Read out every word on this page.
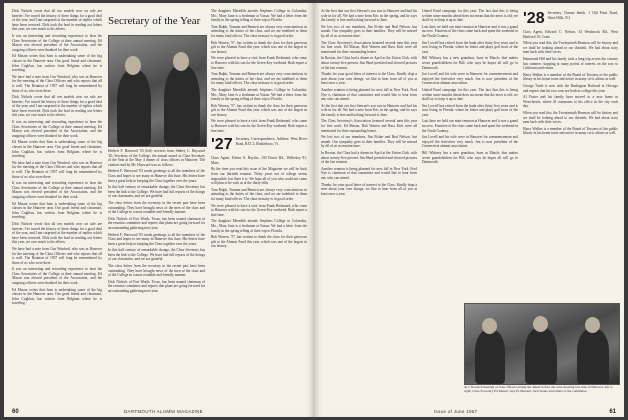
Dick Nichols wrote that all ten models now on sale are heavier; I've traced the history of these things for a good deal of the year, and I am surprised at the number of replies which have been received. Dick took the lead in sending out letters this year, we owe much to his efforts.

It was an interesting and rewarding experience to hear the Class Secretaries of the College at their annual meeting. Ed Mason was elected president of the Association, and the outgoing officers were thanked for their work.

Ed Mason writes that Sam is undertaking some of the big classes in the Hanover area. Our good friend and classmate, John Coghlan, has written from Belgium where he is traveling.

We have had a note from Gus Wanford, who was in Hanover for the meeting of the Class Officers and who reports that all is well. The Reunion of 1957 will long be remembered by those of us who were there.

Dick Nichols wrote that all ten models now on sale are heavier; I've traced the history of these things for a good deal of the year, and I am surprised at the number of replies which have been received. Dick took the lead in sending out letters this year, we owe much to his efforts.

It was an interesting and rewarding experience to hear the Class Secretaries of the College at their annual meeting. Ed Mason was elected president of the Association, and the outgoing officers were thanked for their work.

Ed Mason writes that Sam is undertaking some of the big classes in the Hanover area. Our good friend and classmate, John Coghlan, has written from Belgium where he is traveling.

We have had a note from Gus Wanford, who was in Hanover for the meeting of the Class Officers and who reports that all is well. The Reunion of 1957 will long be remembered by those of us who were there.

It was an interesting and rewarding experience to hear the Class Secretaries of the College at their annual meeting. Ed Mason was elected president of the Association, and the outgoing officers were thanked for their work.

Ed Mason writes that Sam is undertaking some of the big classes in the Hanover area. Our good friend and classmate, John Coghlan, has written from Belgium where he is traveling.

Dick Nichols wrote that all ten models now on sale are heavier; I've traced the history of these things for a good deal of the year, and I am surprised at the number of replies which have been received. Dick took the lead in sending out letters this year, we owe much to his efforts.

We have had a note from Gus Wanford, who was in Hanover for the meeting of the Class Officers and who reports that all is well. The Reunion of 1957 will long be remembered by those of us who were there.

It was an interesting and rewarding experience to hear the Class Secretaries of the College at their annual meeting. Ed Mason was elected president of the Association, and the outgoing officers were thanked for their work.

Ed Mason writes that Sam is undertaking some of the big classes in the Hanover area. Our good friend and classmate, John Coghlan, has written from Belgium where he is traveling.

Secretary of the Year

Herbert F. Harwood '03 (left) receives from Sidney C. Hayward '20, Secretary of the College, the annual award as Class Secretary of the Year at the May 4 dinner of class officers in Hanover. The citation read by Mr. Hayward was as follows:

Herbert F. Harwood '03 sends greetings to all the members of the Class and hopes to see many in Hanover this June. His letters have been a great help in keeping the Class together over the years.

In this half century of remarkable change, the Class Secretary has been the link to the College. We have had full reports of the doings of our classmates, and we are grateful.

The class letters from the secretary in the recent past have been outstanding. They have brought news of the men of the class and of the College in a most readable and friendly manner.

Dick Nichols of Fort Worth, Texas, has been named chairman of the reunion committee and reports that plans are going forward for an outstanding gathering next year.

Herbert F. Harwood '03 sends greetings to all the members of the Class and hopes to see many in Hanover this June. His letters have been a great help in keeping the Class together over the years.

In this half century of remarkable change, the Class Secretary has been the link to the College. We have had full reports of the doings of our classmates, and we are grateful.

The class letters from the secretary in the recent past have been outstanding. They have brought news of the men of the class and of the College in a most readable and friendly manner.

Dick Nichols of Fort Worth, Texas, has been named chairman of the reunion committee and reports that plans are going forward for an outstanding gathering next year.

The daughter Meredith attends Stephens College in Columbia, Mo.; Mary Jane is a freshman at Vassar. We had a letter from the family in the spring telling of their trip to Florida.

Tom Ralph, Truman and Bennett are always very conscientious in attending to the duties of the class, and we are indebted to them for many kind offices. The class treasury is in good order.

Bob Warren, '57, has written to thank the class for their generous gift to the Alumni Fund this year, which was one of the largest in our history.

We were pleased to have a visit from Frank Redmond, who came to Hanover with his son for the Green Key weekend. Both report a fine time.

Tom Ralph, Truman and Bennett are always very conscientious in attending to the duties of the class, and we are indebted to them for many kind offices. The class treasury is in good order.

The daughter Meredith attends Stephens College in Columbia, Mo.; Mary Jane is a freshman at Vassar. We had a letter from the family in the spring telling of their trip to Florida.

Bob Warren, '57, has written to thank the class for their generous gift to the Alumni Fund this year, which was one of the largest in our history.

We were pleased to have a visit from Frank Redmond, who came to Hanover with his son for the Green Key weekend. Both report a fine time.

'27 Secretary, Correspondence, Address: West River Road, R.D. 2, Brattleboro, Vt.

Class Agent, Edwin A. Bayliss, 100 Dover Rd., Wellesley 81, Mass.

By the time you read this issue of the Magazine we will be back from our thirtieth reunion. Thirty years out of college seems impossible, but there it is. We hope all of you who could not come will plan to be with us at the thirty-fifth.

Tom Ralph, Truman and Bennett are always very conscientious in attending to the duties of the class, and we are indebted to them for many kind offices. The class treasury is in good order.

We were pleased to have a visit from Frank Redmond, who came to Hanover with his son for the Green Key weekend. Both report a fine time.

The daughter Meredith attends Stephens College in Columbia, Mo.; Mary Jane is a freshman at Vassar. We had a letter from the family in the spring telling of their trip to Florida.

Bob Warren, '57, has written to thank the class for their generous gift to the Alumni Fund this year, which was one of the largest in our history.

60	DARTMOUTH ALUMNI MAGAZINE

At the first that our first Stewart's son was in Hanover and had his wife in for all. We had a note from Eric in the spring, and he says the family is fine and looking forward to June.

We lost two of our members, Jim Fisher and Bud Nelson, last month. Our sympathy goes to their families. They will be missed by all of us at reunion time.

The Class Secretary's Association honored several men this year for fine work. Ed Mason, Bob Warren and Russ Kirk were all mentioned for their outstanding letters.

In Boston, the Class had a dinner in April at the Union Club, with about twenty-five present. Jim Hurd presided and showed pictures of the last reunion.

Thanks for your good letter of interest to the Class. Kindly drop a note about your own doings; we like to hear from all of you at least once a year.

Another reunion is being planned for next fall in New York. Fred Nye is chairman of that committee and would like to hear from any who can attend.

At the first that our first Stewart's son was in Hanover and had his wife in for all. We had a note from Eric in the spring, and he says the family is fine and looking forward to June.

The Class Secretary's Association honored several men this year for fine work. Ed Mason, Bob Warren and Russ Kirk were all mentioned for their outstanding letters.

We lost two of our members, Jim Fisher and Bud Nelson, last month. Our sympathy goes to their families. They will be missed by all of us at reunion time.

In Boston, the Class had a dinner in April at the Union Club, with about twenty-five present. Jim Hurd presided and showed pictures of the last reunion.

Another reunion is being planned for next fall in New York. Fred Nye is chairman of that committee and would like to hear from any who can attend.

Thanks for your good letter of interest to the Class. Kindly drop a note about your own doings; we like to hear from all of you at least once a year.

United Fund campaign for this year. The fact that this is being written some months ahead does not mean that the news is old; we shall try to keep it up to date.

Last June we held our mini-reunion in Hanover and it was a grand success. Fourteen of the class came back and spent the weekend in the North Country.

Jim Lowell has retired from the bank after thirty-five years and is now living in Florida, where he fishes and plays golf most of the year.

Bill Whitney has a new grandson, born in March; that makes seven grandchildren for Bill, who says he hopes all will go to Dartmouth.

Jon Lovell and his wife were in Hanover for commencement and enjoyed the festivities very much. Jon is now president of the Connecticut alumni association.

United Fund campaign for this year. The fact that this is being written some months ahead does not mean that the news is old; we shall try to keep it up to date.

Jim Lowell has retired from the bank after thirty-five years and is now living in Florida, where he fishes and plays golf most of the year.

Last June we held our mini-reunion in Hanover and it was a grand success. Fourteen of the class came back and spent the weekend in the North Country.

Jon Lovell and his wife were in Hanover for commencement and enjoyed the festivities very much. Jon is now president of the Connecticut alumni association.

Bill Whitney has a new grandson, born in March; that makes seven grandchildren for Bill, who says he hopes all will go to Dartmouth.

'28 Secretary, Osmun Smith, 1 Old Point Road, Short Hills, N.J.

Class Agent, Edward C. Nelson, 34 Westbrook Rd., West Hartford 10, Conn.

When you read this, the Twentyninth Reunion will be history and we shall be looking ahead to our thirtieth. We had about sixty men back with their wives.

Hammond Hill and his family took a long trip across the country last summer, stopping at many points of interest on the way to California and return.

Harry Walker is a member of the Board of Trustees of the public library in his home town and active in many civic affairs as well.

George Tuttle is now with the Burlington Railroad in Chicago and reports that his two sons are both in college this year.

Al Foster and his family have moved to a new home in Westchester, where Al commutes to his office in the city each day.

When you read this, the Twentyninth Reunion will be history and we shall be looking ahead to our thirtieth. We had about sixty men back with their wives.

Harry Walker is a member of the Board of Trustees of the public library in his home town and active in many civic affairs as well.

At a Norwich meeting of class officers during the dinner before the class meeting last June in Hanover, left to right: Class Secretary Ed Mason, Guy H. Bennett, Jack Steele and others of the committee.
Issue of June 1957	61
